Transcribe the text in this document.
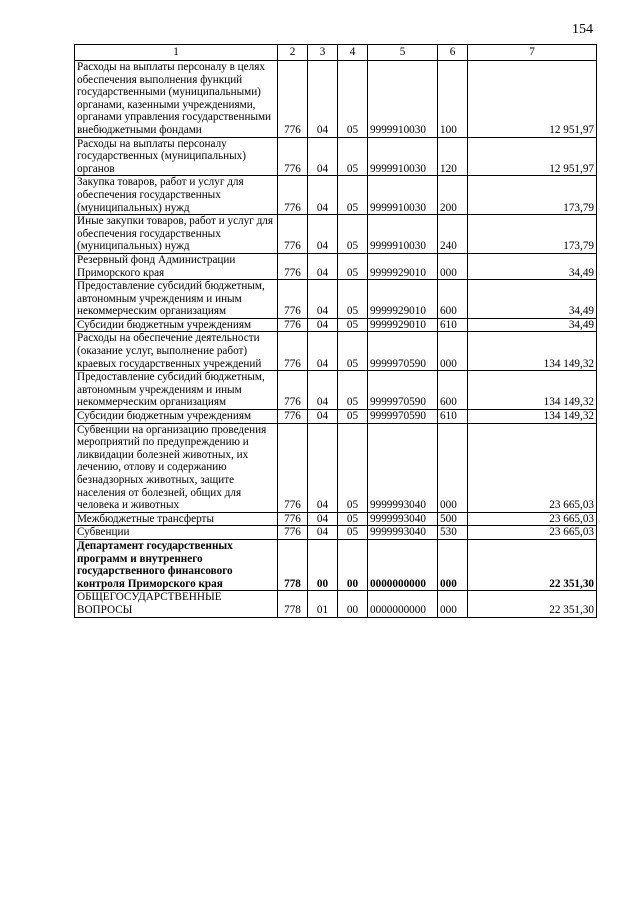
154
1	2	3	4	5	6	7
Расходы на выплаты персоналу в целях обеспечения выполнения функций государственными (муниципальными) органами, казенными учреждениями, органами управления государственными внебюджетными фондами	776	04	05	9999910030	100	12 951,97
Расходы на выплаты персоналу государственных (муниципальных) органов	776	04	05	9999910030	120	12 951,97
Закупка товаров, работ и услуг для обеспечения государственных (муниципальных) нужд	776	04	05	9999910030	200	173,79
Иные закупки товаров, работ и услуг для обеспечения государственных (муниципальных) нужд	776	04	05	9999910030	240	173,79
Резервный фонд Администрации Приморского края	776	04	05	9999929010	000	34,49
Предоставление субсидий бюджетным, автономным учреждениям и иным некоммерческим организациям	776	04	05	9999929010	600	34,49
Субсидии бюджетным учреждениям	776	04	05	9999929010	610	34,49
Расходы на обеспечение деятельности (оказание услуг, выполнение работ) краевых государственных учреждений	776	04	05	9999970590	000	134 149,32
Предоставление субсидий бюджетным, автономным учреждениям и иным некоммерческим организациям	776	04	05	9999970590	600	134 149,32
Субсидии бюджетным учреждениям	776	04	05	9999970590	610	134 149,32
Субвенции на организацию проведения мероприятий по предупреждению и ликвидации болезней животных, их лечению, отлову и содержанию безнадзорных животных, защите населения от болезней, общих для человека и животных	776	04	05	9999993040	000	23 665,03
Межбюджетные трансферты	776	04	05	9999993040	500	23 665,03
Субвенции	776	04	05	9999993040	530	23 665,03
Департамент государственных программ и внутреннего государственного финансового контроля Приморского края	778	00	00	0000000000	000	22 351,30
ОБЩЕГОСУДАРСТВЕННЫЕ ВОПРОСЫ	778	01	00	0000000000	000	22 351,30
